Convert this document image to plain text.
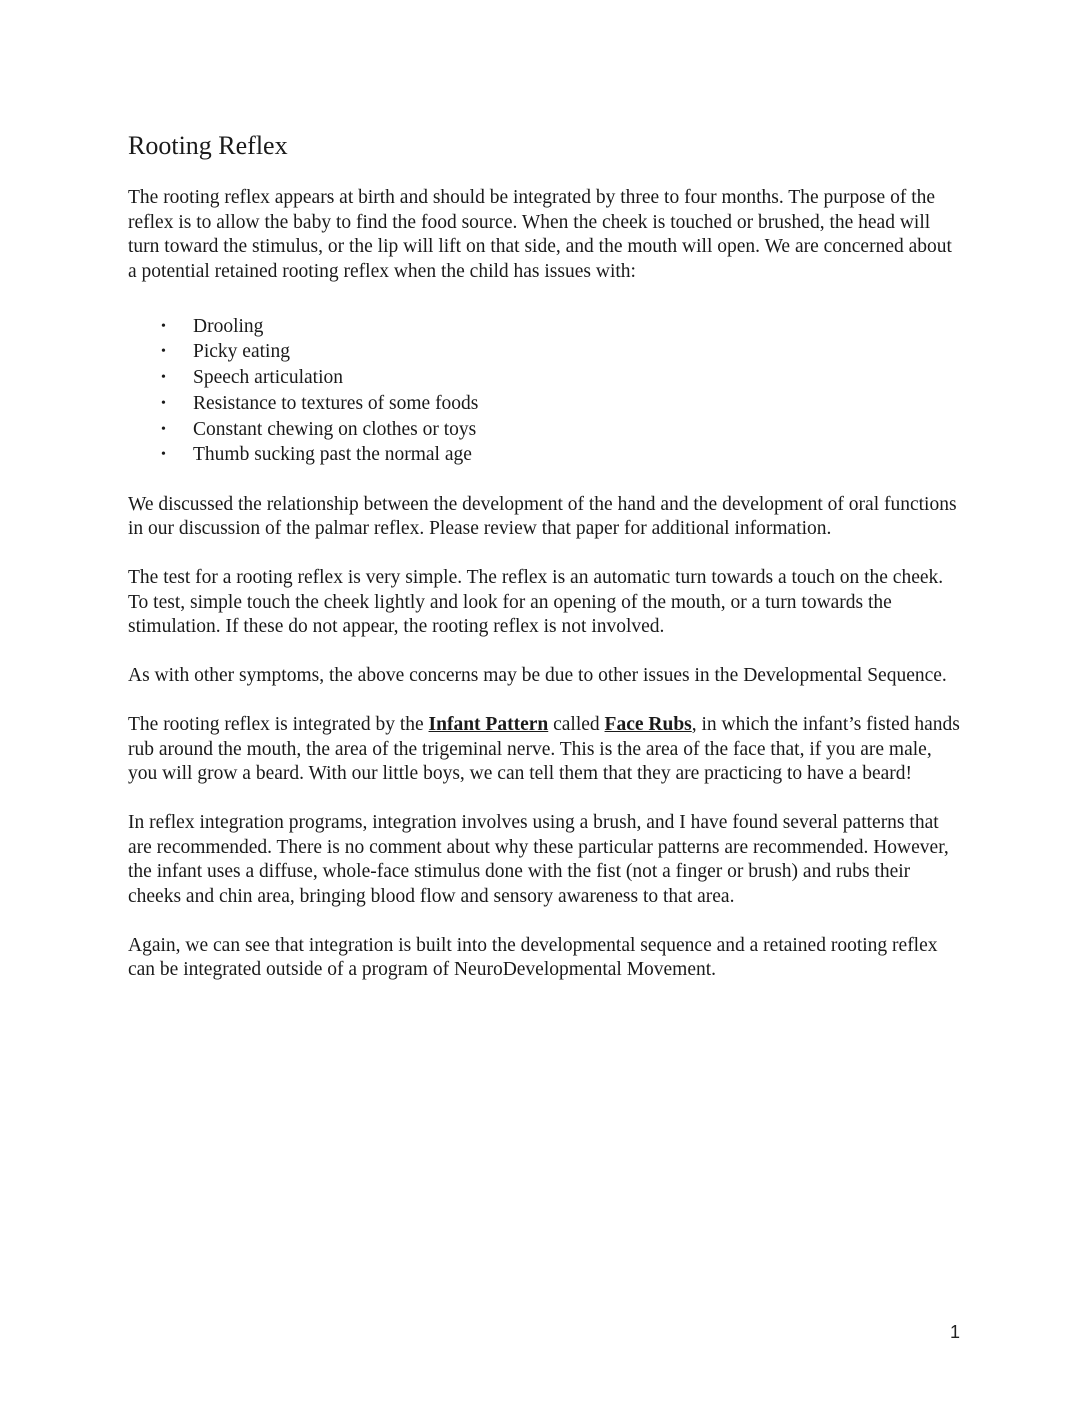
Rooting Reflex

The rooting reflex appears at birth and should be integrated by three to four months. The purpose of the reflex is to allow the baby to find the food source. When the cheek is touched or brushed, the head will turn toward the stimulus, or the lip will lift on that side, and the mouth will open. We are concerned about a potential retained rooting reflex when the child has issues with:

• Drooling
• Picky eating
• Speech articulation
• Resistance to textures of some foods
• Constant chewing on clothes or toys
• Thumb sucking past the normal age

We discussed the relationship between the development of the hand and the development of oral functions in our discussion of the palmar reflex. Please review that paper for additional information.

The test for a rooting reflex is very simple. The reflex is an automatic turn towards a touch on the cheek. To test, simple touch the cheek lightly and look for an opening of the mouth, or a turn towards the stimulation. If these do not appear, the rooting reflex is not involved.

As with other symptoms, the above concerns may be due to other issues in the Developmental Sequence.

The rooting reflex is integrated by the Infant Pattern called Face Rubs, in which the infant’s fisted hands rub around the mouth, the area of the trigeminal nerve. This is the area of the face that, if you are male, you will grow a beard. With our little boys, we can tell them that they are practicing to have a beard!

In reflex integration programs, integration involves using a brush, and I have found several patterns that are recommended. There is no comment about why these particular patterns are recommended. However, the infant uses a diffuse, whole-face stimulus done with the fist (not a finger or brush) and rubs their cheeks and chin area, bringing blood flow and sensory awareness to that area.

Again, we can see that integration is built into the developmental sequence and a retained rooting reflex can be integrated outside of a program of NeuroDevelopmental Movement.

1
